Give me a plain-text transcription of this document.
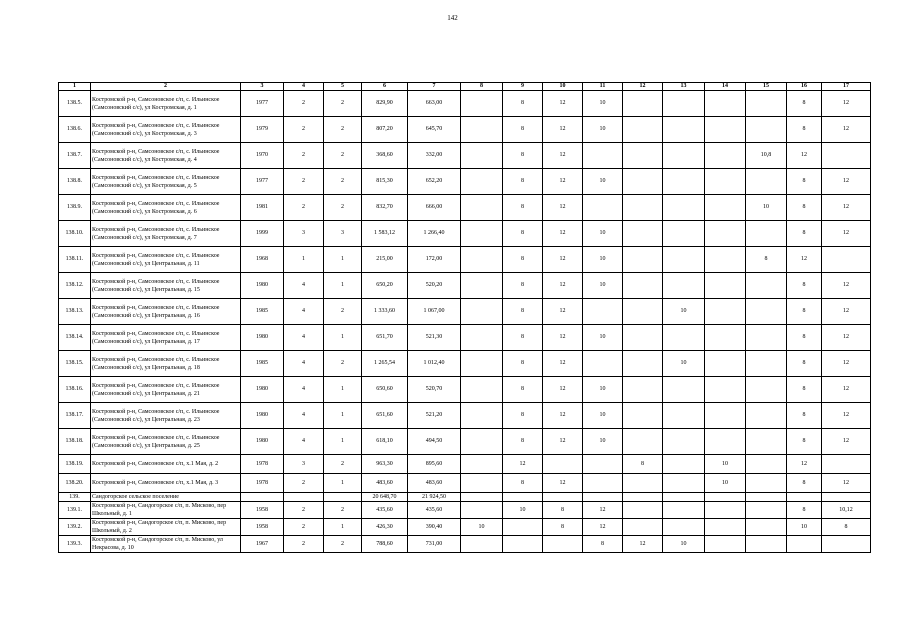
142
1	2	3	4	5	6	7	8	9	10	11	12	13	14	15	16	17
138.5.	Костромской р-н, Самсоновское с/п, с. Ильинское (Самсоновский с/с), ул Костромская, д. 1	1977	2	2	829,90	663,00		8	12	10					8	12
138.6.	Костромской р-н, Самсоновское с/п, с. Ильинское (Самсоновский с/с), ул Костромская, д. 3	1979	2	2	807,20	645,70		8	12	10					8	12
138.7.	Костромской р-н, Самсоновское с/п, с. Ильинское (Самсоновский с/с), ул Костромская, д. 4	1970	2	2	368,60	332,00		8	12					10,8	12	
138.8.	Костромской р-н, Самсоновское с/п, с. Ильинское (Самсоновский с/с), ул Костромская, д. 5	1977	2	2	815,30	652,20		8	12	10					8	12
138.9.	Костромской р-н, Самсоновское с/п, с. Ильинское (Самсоновский с/с), ул Костромская, д. 6	1981	2	2	832,70	666,00		8	12					10	8	12
138.10.	Костромской р-н, Самсоновское с/п, с. Ильинское (Самсоновский с/с), ул Костромская, д. 7	1999	3	3	1 583,12	1 266,40		8	12	10					8	12
138.11.	Костромской р-н, Самсоновское с/п, с. Ильинское (Самсоновский с/с), ул Центральная, д. 11	1968	1	1	215,00	172,00		8	12	10				8	12	
138.12.	Костромской р-н, Самсоновское с/п, с. Ильинское (Самсоновский с/с), ул Центральная, д. 15	1980	4	1	650,20	520,20		8	12	10					8	12
138.13.	Костромской р-н, Самсоновское с/п, с. Ильинское (Самсоновский с/с), ул Центральная, д. 16	1985	4	2	1 333,60	1 067,00		8	12			10			8	12
138.14.	Костромской р-н, Самсоновское с/п, с. Ильинское (Самсоновский с/с), ул Центральная, д. 17	1980	4	1	651,70	521,30		8	12	10					8	12
138.15.	Костромской р-н, Самсоновское с/п, с. Ильинское (Самсоновский с/с), ул Центральная, д. 18	1985	4	2	1 265,54	1 012,40		8	12			10			8	12
138.16.	Костромской р-н, Самсоновское с/п, с. Ильинское (Самсоновский с/с), ул Центральная, д. 21	1980	4	1	650,60	520,70		8	12	10					8	12
138.17.	Костромской р-н, Самсоновское с/п, с. Ильинское (Самсоновский с/с), ул Центральная, д. 23	1980	4	1	651,60	521,20		8	12	10					8	12
138.18.	Костромской р-н, Самсоновское с/п, с. Ильинское (Самсоновский с/с), ул Центральная, д. 25	1980	4	1	618,10	494,50		8	12	10					8	12
138.19.	Костромской р-н, Самсоновское с/п, х.1 Мая, д. 2	1978	3	2	963,30	895,60		12			8		10		12	
138.20.	Костромской р-н, Самсоновское с/п, х.1 Мая, д. 3	1978	2	1	483,60	483,60		8	12				10		8	12
139.	Сандогорское сельское поселение				20 648,70	21 924,50										
139.1.	Костромской р-н, Сандогорское с/п, п. Мисково, пер Школьный, д. 1	1958	2	2	435,60	435,60		10	8	12					8	10,12
139.2.	Костромской р-н, Сандогорское с/п, п. Мисково, пер Школьный, д. 2	1958	2	1	426,30	390,40	10		8	12					10	8
139.3.	Костромской р-н, Сандогорское с/п, п. Мисково, ул Некрасова, д. 10	1967	2	2	788,60	731,00				8	12	10				
